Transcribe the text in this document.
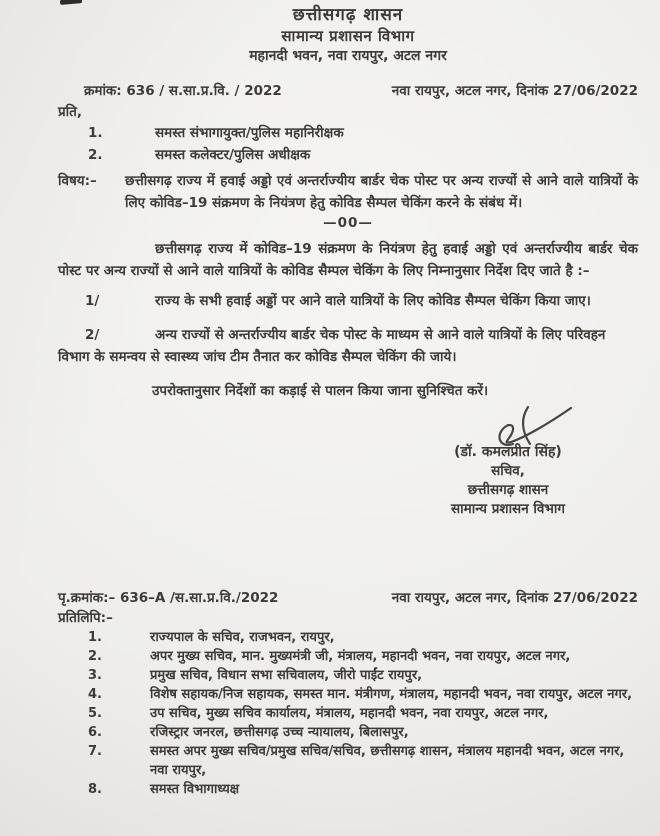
छत्तीसगढ़ शासन
सामान्य प्रशासन विभाग
महानदी भवन, नवा रायपुर, अटल नगर
क्रमांक: 636 / स.सा.प्र.वि. / 2022	नवा रायपुर, अटल नगर, दिनांक 27/06/2022
प्रति,
1.	समस्त संभागायुक्त/पुलिस महानिरीक्षक
2.	समस्त कलेक्टर/पुलिस अधीक्षक
विषय:–	छत्तीसगढ़ राज्य में हवाई अड्डो एवं अन्तर्राज्यीय बार्डर चेक पोस्ट पर अन्य राज्यों से आने वाले यात्रियों के लिए कोविड–19 संक्रमण के नियंत्रण हेतु कोविड सैम्पल चेकिंग करने के संबंध में।
—00—

छत्तीसगढ़ राज्य में कोविड–19 संक्रमण के नियंत्रण हेतु हवाई अड्डो एवं अन्तर्राज्यीय बार्डर चेक पोस्ट पर अन्य राज्यों से आने वाले यात्रियों के कोविड सैम्पल चेकिंग के लिए निम्नानुसार निर्देश दिए जाते है :–

1/	राज्य के सभी हवाई अड्डों पर आने वाले यात्रियों के लिए कोविड सैम्पल चेकिंग किया जाए।

2/	अन्य राज्यों से अन्तर्राज्यीय बार्डर चेक पोस्ट के माध्यम से आने वाले यात्रियों के लिए परिवहन विभाग के समन्वय से स्वास्थ्य जांच टीम तैनात कर कोविड सैम्पल चेकिंग की जाये।

उपरोक्तानुसार निर्देशों का कड़ाई से पालन किया जाना सुनिश्चित करें।

(डॉ. कमलप्रीत सिंह)
सचिव,
छत्तीसगढ़ शासन
सामान्य प्रशासन विभाग
पृ.क्रमांक:– 636–A /स.सा.प्र.वि./2022	नवा रायपुर, अटल नगर, दिनांक 27/06/2022
प्रतिलिपि:–
1.	राज्यपाल के सचिव, राजभवन, रायपुर,
2.	अपर मुख्य सचिव, मान. मुख्यमंत्री जी, मंत्रालय, महानदी भवन, नवा रायपुर, अटल नगर,
3.	प्रमुख सचिव, विधान सभा सचिवालय, जीरो पाईंट रायपुर,
4.	विशेष सहायक/निज सहायक, समस्त मान. मंत्रीगण, मंत्रालय, महानदी भवन, नवा रायपुर, अटल नगर,
5.	उप सचिव, मुख्य सचिव कार्यालय, मंत्रालय, महानदी भवन, नवा रायपुर, अटल नगर,
6.	रजिस्ट्रार जनरल, छत्तीसगढ़ उच्च न्यायालय, बिलासपुर,
7.	समस्त अपर मुख्य सचिव/प्रमुख सचिव/सचिव, छत्तीसगढ़ शासन, मंत्रालय महानदी भवन, अटल नगर, नवा रायपुर,
8.	समस्त विभागाध्यक्ष
